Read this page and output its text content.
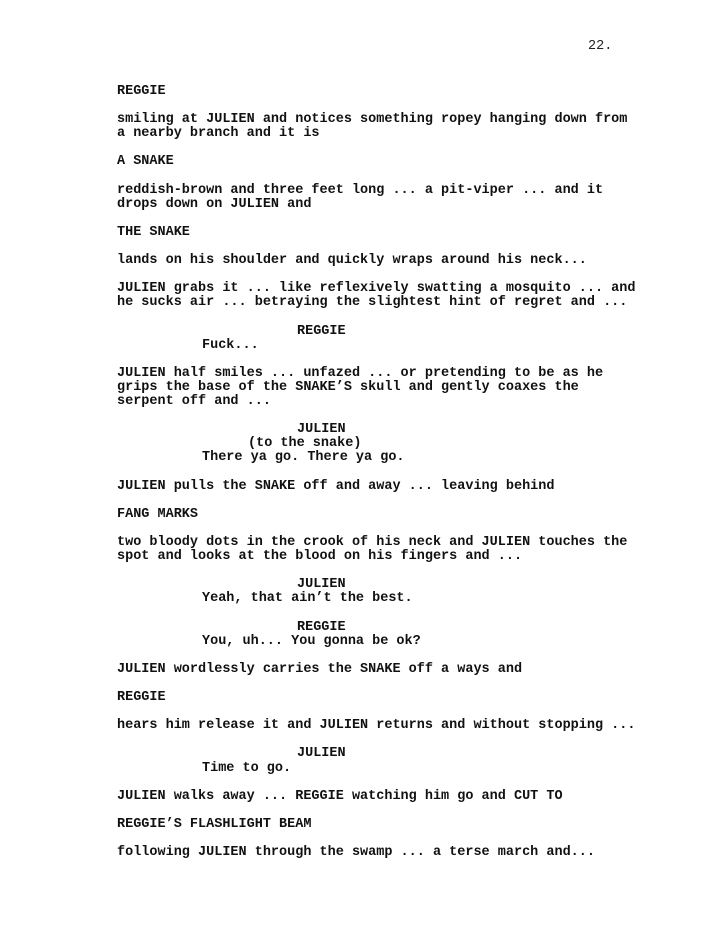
22.
REGGIE
smiling at JULIEN and notices something ropey hanging down from
a nearby branch and it is
A SNAKE
reddish-brown and three feet long ... a pit-viper ... and it
drops down on JULIEN and
THE SNAKE
lands on his shoulder and quickly wraps around his neck...
JULIEN grabs it ... like reflexively swatting a mosquito ... and
he sucks air ... betraying the slightest hint of regret and ...
REGGIE
Fuck...
JULIEN half smiles ... unfazed ... or pretending to be as he
grips the base of the SNAKE’S skull and gently coaxes the
serpent off and ...
JULIEN
(to the snake)
There ya go. There ya go.
JULIEN pulls the SNAKE off and away ... leaving behind
FANG MARKS
two bloody dots in the crook of his neck and JULIEN touches the
spot and looks at the blood on his fingers and ...
JULIEN
Yeah, that ain’t the best.
REGGIE
You, uh... You gonna be ok?
JULIEN wordlessly carries the SNAKE off a ways and
REGGIE
hears him release it and JULIEN returns and without stopping ...
JULIEN
Time to go.
JULIEN walks away ... REGGIE watching him go and CUT TO
REGGIE’S FLASHLIGHT BEAM
following JULIEN through the swamp ... a terse march and...
